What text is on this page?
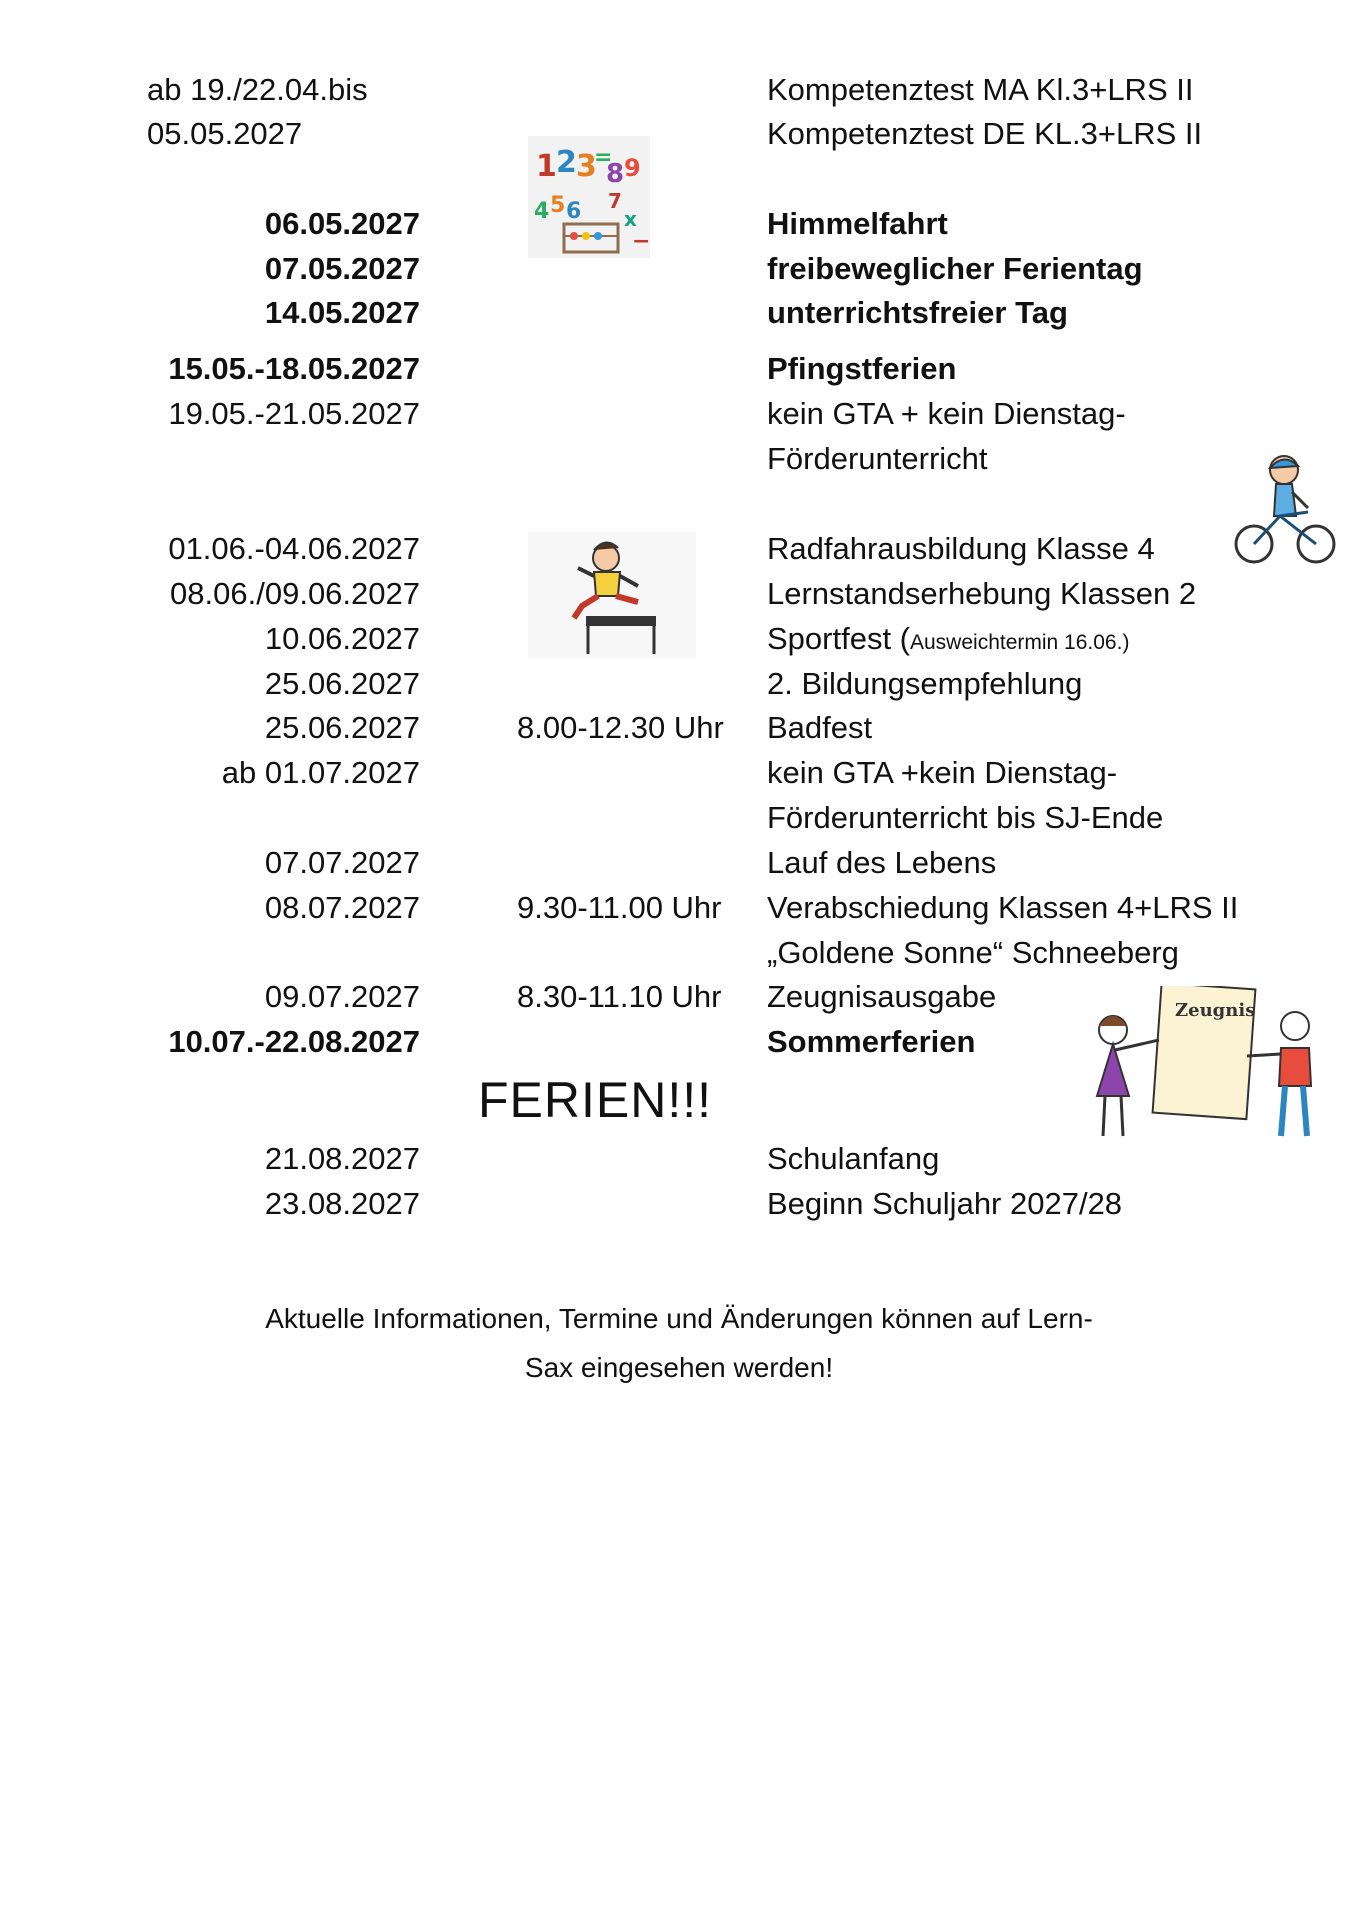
ab 19./22.04.bis	Kompetenztest MA Kl.3+LRS II
05.05.2027	Kompetenztest DE KL.3+LRS II
06.05.2027	Himmelfahrt
07.05.2027	freibeweglicher Ferientag
14.05.2027	unterrichtsfreier Tag
15.05.-18.05.2027	Pfingstferien
19.05.-21.05.2027	kein GTA + kein Dienstag-
Förderunterricht
01.06.-04.06.2027	Radfahrausbildung Klasse 4
08.06./09.06.2027	Lernstandserhebung Klassen 2
10.06.2027	Sportfest (Ausweichtermin 16.06.)
25.06.2027	2. Bildungsempfehlung
25.06.2027	8.00-12.30 Uhr Badfest
ab 01.07.2027	kein GTA +kein Dienstag-
Förderunterricht bis SJ-Ende
07.07.2027	Lauf des Lebens
08.07.2027	9.30-11.00 Uhr Verabschiedung Klassen 4+LRS II
„Goldene Sonne“ Schneeberg
09.07.2027	8.30-11.10 Uhr Zeugnisausgabe
10.07.-22.08.2027	Sommerferien
FERIEN!!!
21.08.2027	Schulanfang
23.08.2027	Beginn Schuljahr 2027/28
Aktuelle Informationen, Termine und Änderungen können auf Lern-
Sax eingesehen werden!
1 2 3
=
8 9
4 5 6 7
x
−
Zeugnis
